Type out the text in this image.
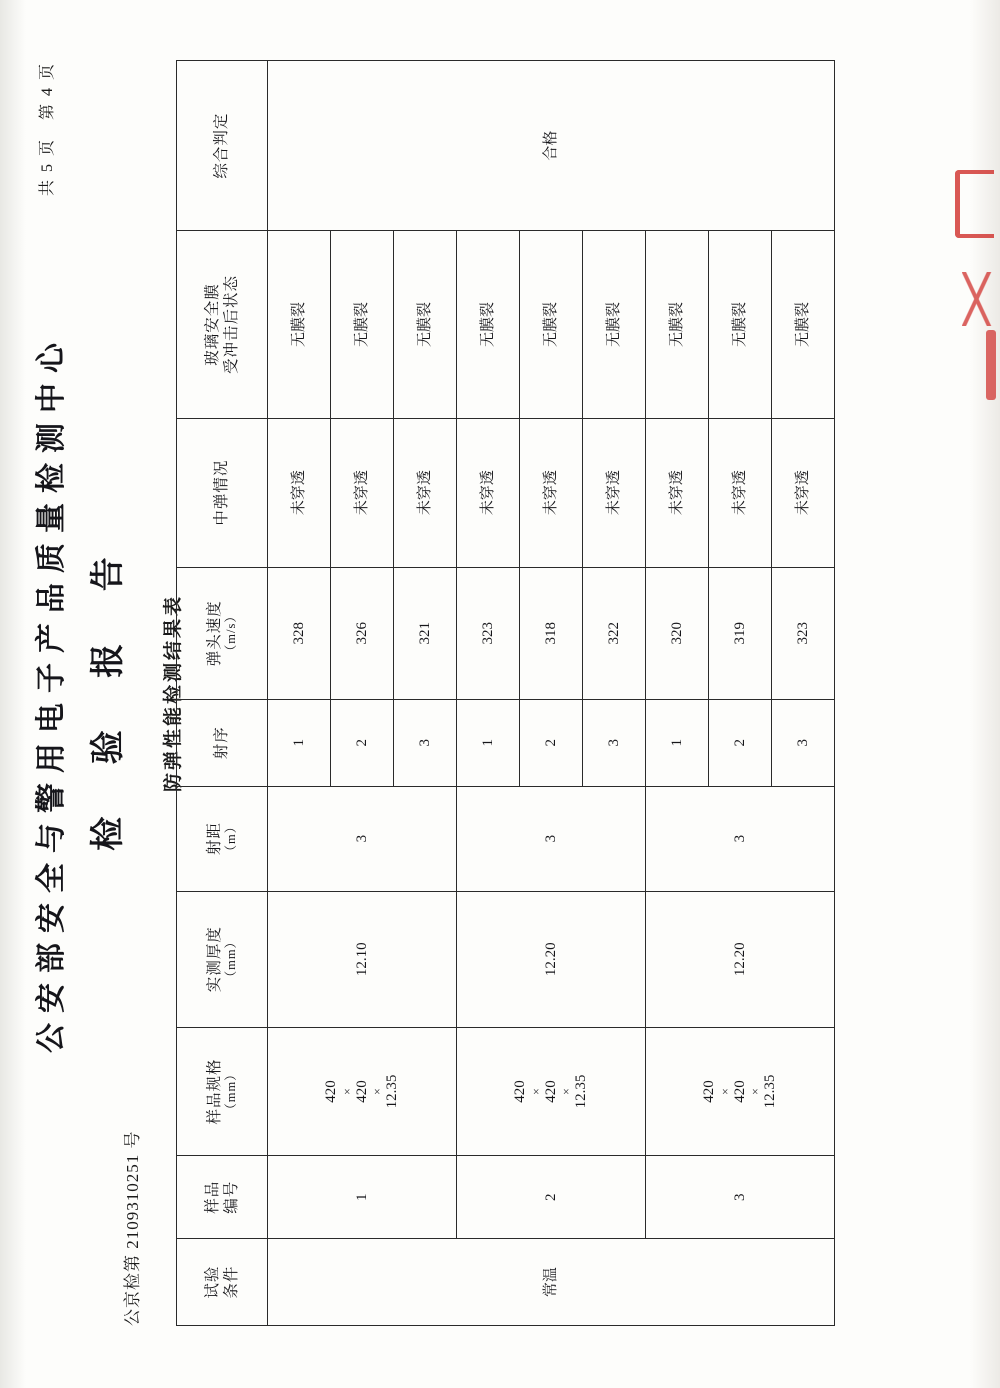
公安部安全与警用电子产品质量检测中心 检 验 报 告
公京检第 2109310251 号
共 5 页　第 4 页
防弹性能检测结果表
试验 条件	样品 编号	样品规格 （mm）	实测厚度 （mm）	射距 （m）	射序	弹头速度 （m/s）	中弹情况	玻璃安全膜 受冲击后状态	综合判定
常温	1	420 × 420 × 12.35	12.10	3	1	328	未穿透	无膜裂	合格
					2	326	未穿透	无膜裂	
					3	321	未穿透	无膜裂	
	2	420 × 420 × 12.35	12.20	3	1	323	未穿透	无膜裂	
					2	318	未穿透	无膜裂	
					3	322	未穿透	无膜裂	
	3	420 × 420 × 12.35	12.20	3	1	320	未穿透	无膜裂	
					2	319	未穿透	无膜裂	
					3	323	未穿透	无膜裂	
